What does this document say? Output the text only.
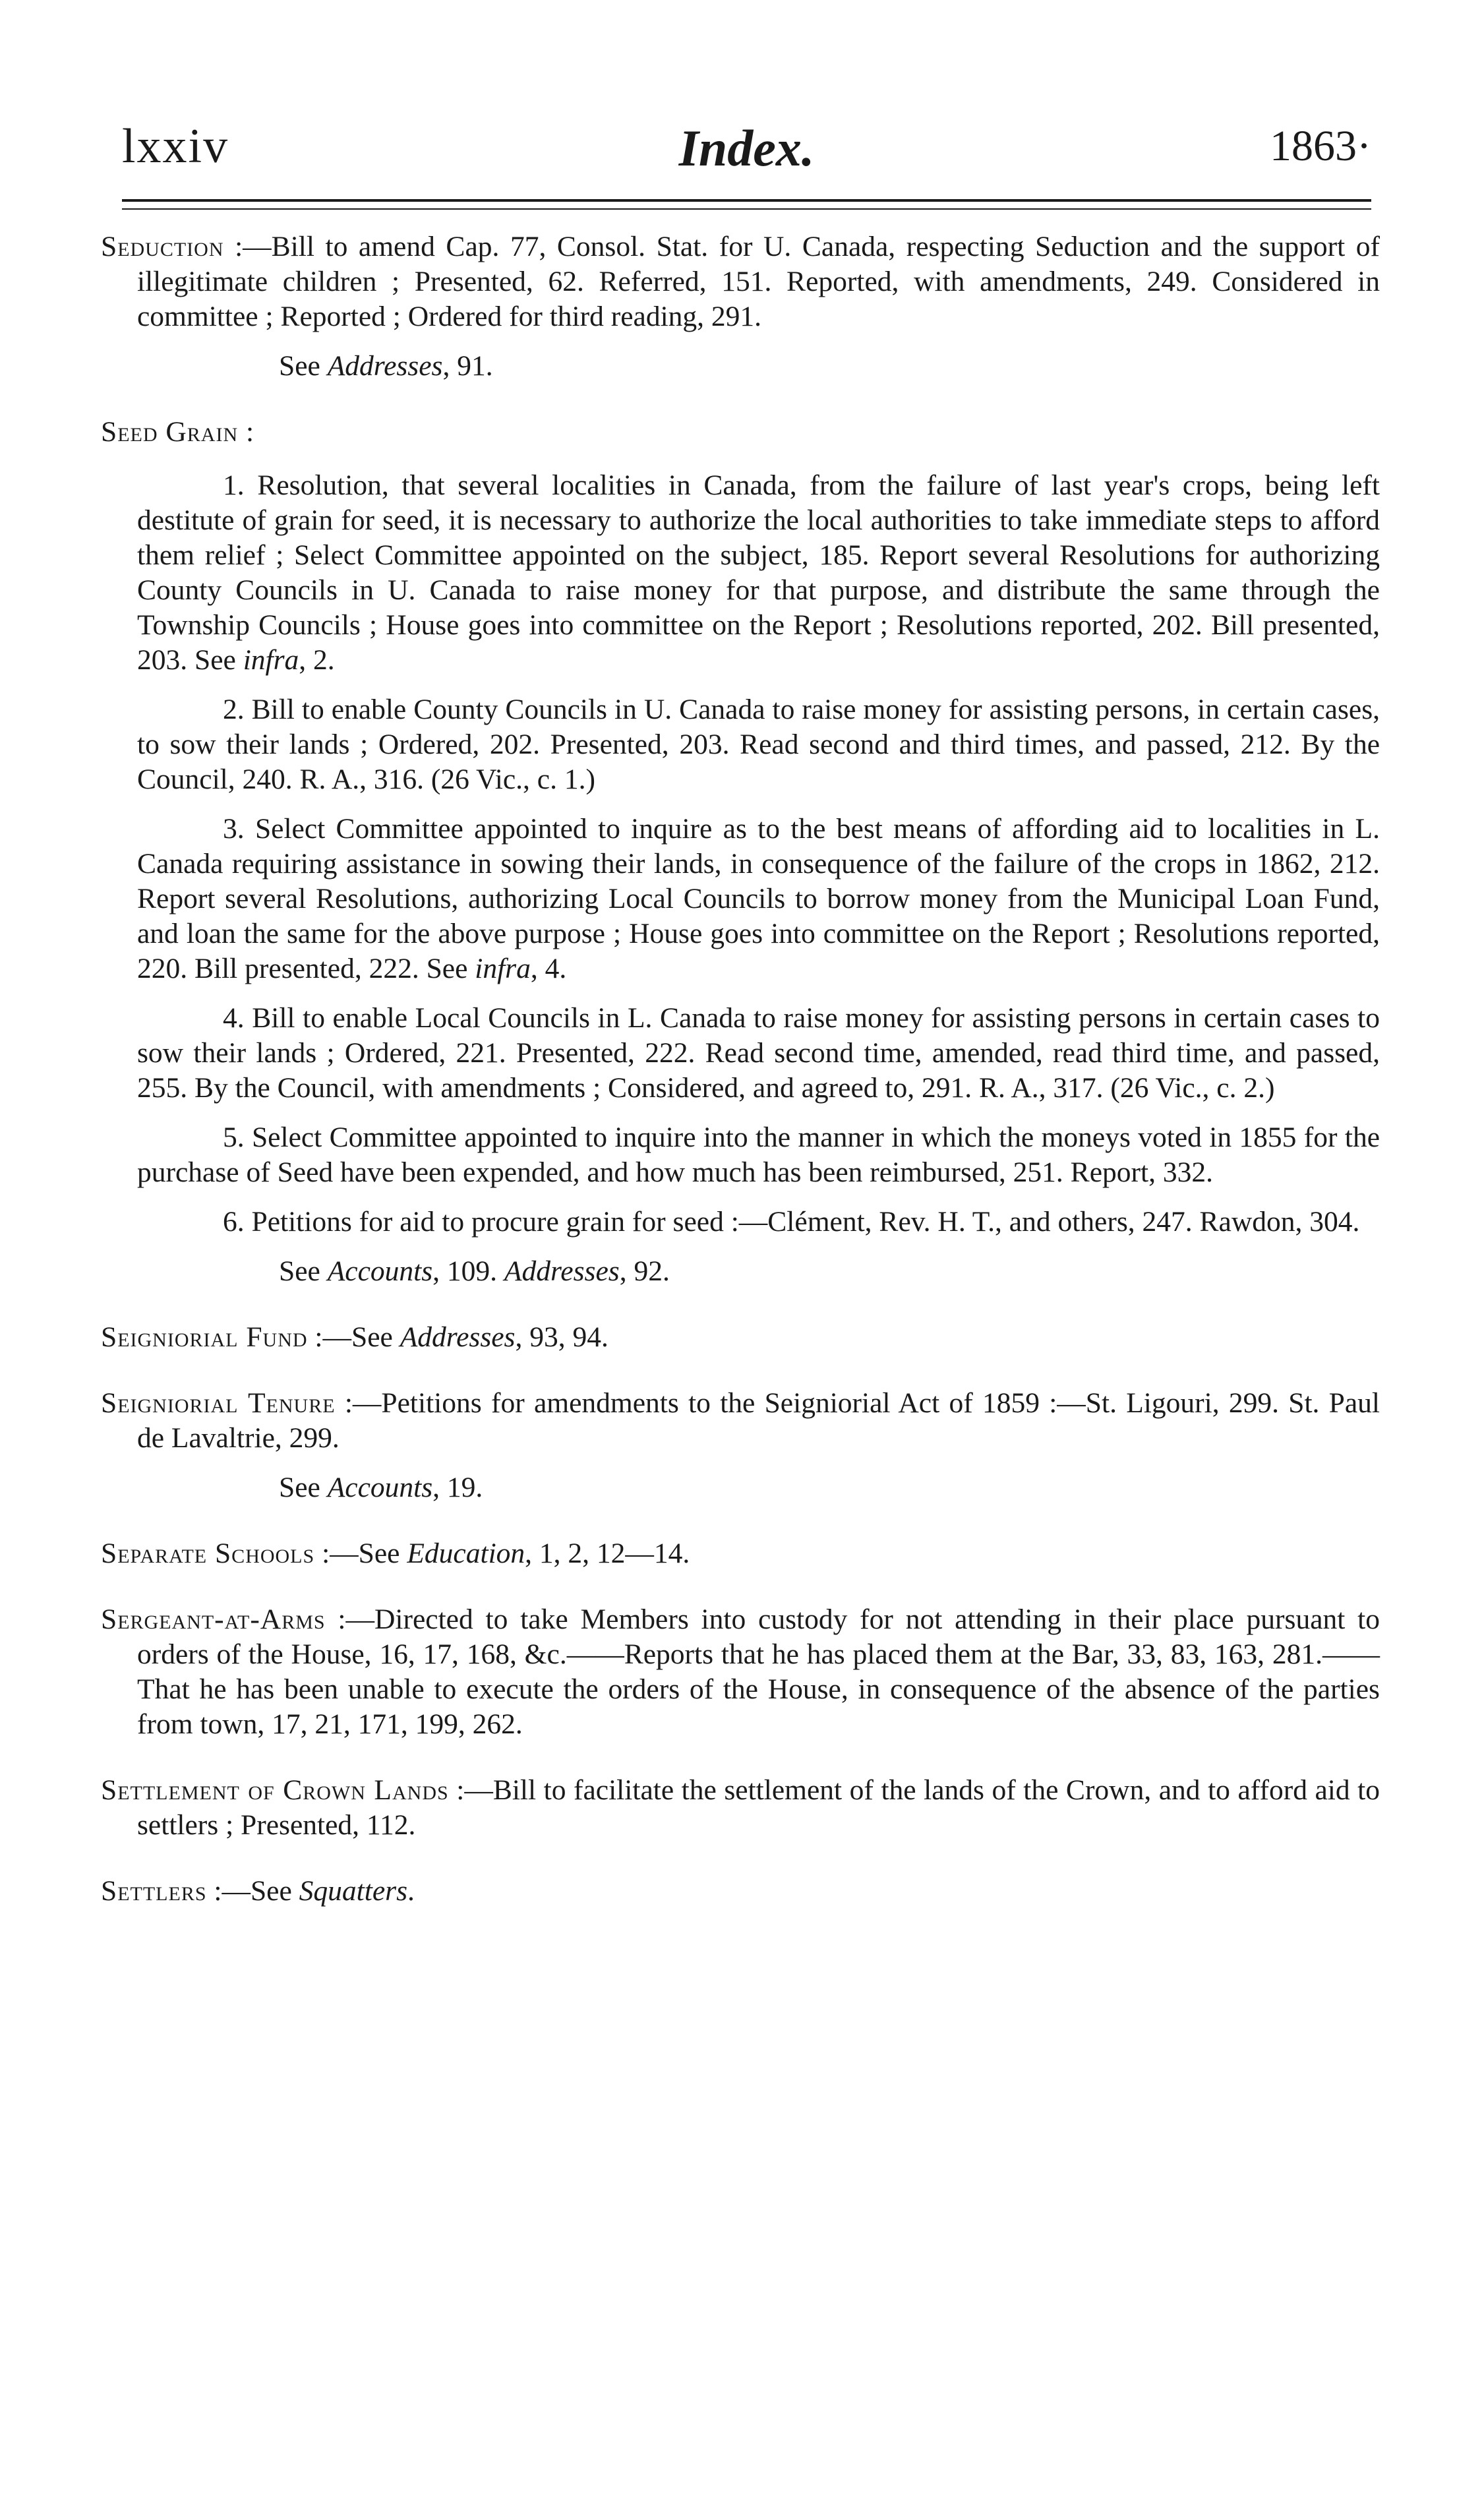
lxxiv	Index.	1863·

Seduction :—Bill to amend Cap. 77, Consol. Stat. for U. Canada, respecting Seduction and the support of illegitimate children ; Presented, 62. Referred, 151. Reported, with amendments, 249. Considered in committee ; Reported ; Ordered for third reading, 291.

See Addresses, 91.

Seed Grain :

1. Resolution, that several localities in Canada, from the failure of last year's crops, being left destitute of grain for seed, it is necessary to authorize the local authorities to take immediate steps to afford them relief ; Select Committee appointed on the subject, 185. Report several Resolutions for authorizing County Councils in U. Canada to raise money for that purpose, and distribute the same through the Township Councils ; House goes into committee on the Report ; Resolutions reported, 202. Bill presented, 203. See infra, 2.

2. Bill to enable County Councils in U. Canada to raise money for assisting persons, in certain cases, to sow their lands ; Ordered, 202. Presented, 203. Read second and third times, and passed, 212. By the Council, 240. R. A., 316. (26 Vic., c. 1.)

3. Select Committee appointed to inquire as to the best means of affording aid to localities in L. Canada requiring assistance in sowing their lands, in consequence of the failure of the crops in 1862, 212. Report several Resolutions, authorizing Local Councils to borrow money from the Municipal Loan Fund, and loan the same for the above purpose ; House goes into committee on the Report ; Resolutions reported, 220. Bill presented, 222. See infra, 4.

4. Bill to enable Local Councils in L. Canada to raise money for assisting persons in certain cases to sow their lands ; Ordered, 221. Presented, 222. Read second time, amended, read third time, and passed, 255. By the Council, with amendments ; Considered, and agreed to, 291. R. A., 317. (26 Vic., c. 2.)

5. Select Committee appointed to inquire into the manner in which the moneys voted in 1855 for the purchase of Seed have been expended, and how much has been reimbursed, 251. Report, 332.

6. Petitions for aid to procure grain for seed :—Clément, Rev. H. T., and others, 247. Rawdon, 304.

See Accounts, 109. Addresses, 92.

Seigniorial Fund :—See Addresses, 93, 94.

Seigniorial Tenure :—Petitions for amendments to the Seigniorial Act of 1859 :—St. Ligouri, 299. St. Paul de Lavaltrie, 299.

See Accounts, 19.

Separate Schools :—See Education, 1, 2, 12—14.

Sergeant-at-Arms :—Directed to take Members into custody for not attending in their place pursuant to orders of the House, 16, 17, 168, &c.——Reports that he has placed them at the Bar, 33, 83, 163, 281.——That he has been unable to execute the orders of the House, in consequence of the absence of the parties from town, 17, 21, 171, 199, 262.

Settlement of Crown Lands :—Bill to facilitate the settlement of the lands of the Crown, and to afford aid to settlers ; Presented, 112.

Settlers :—See Squatters.
